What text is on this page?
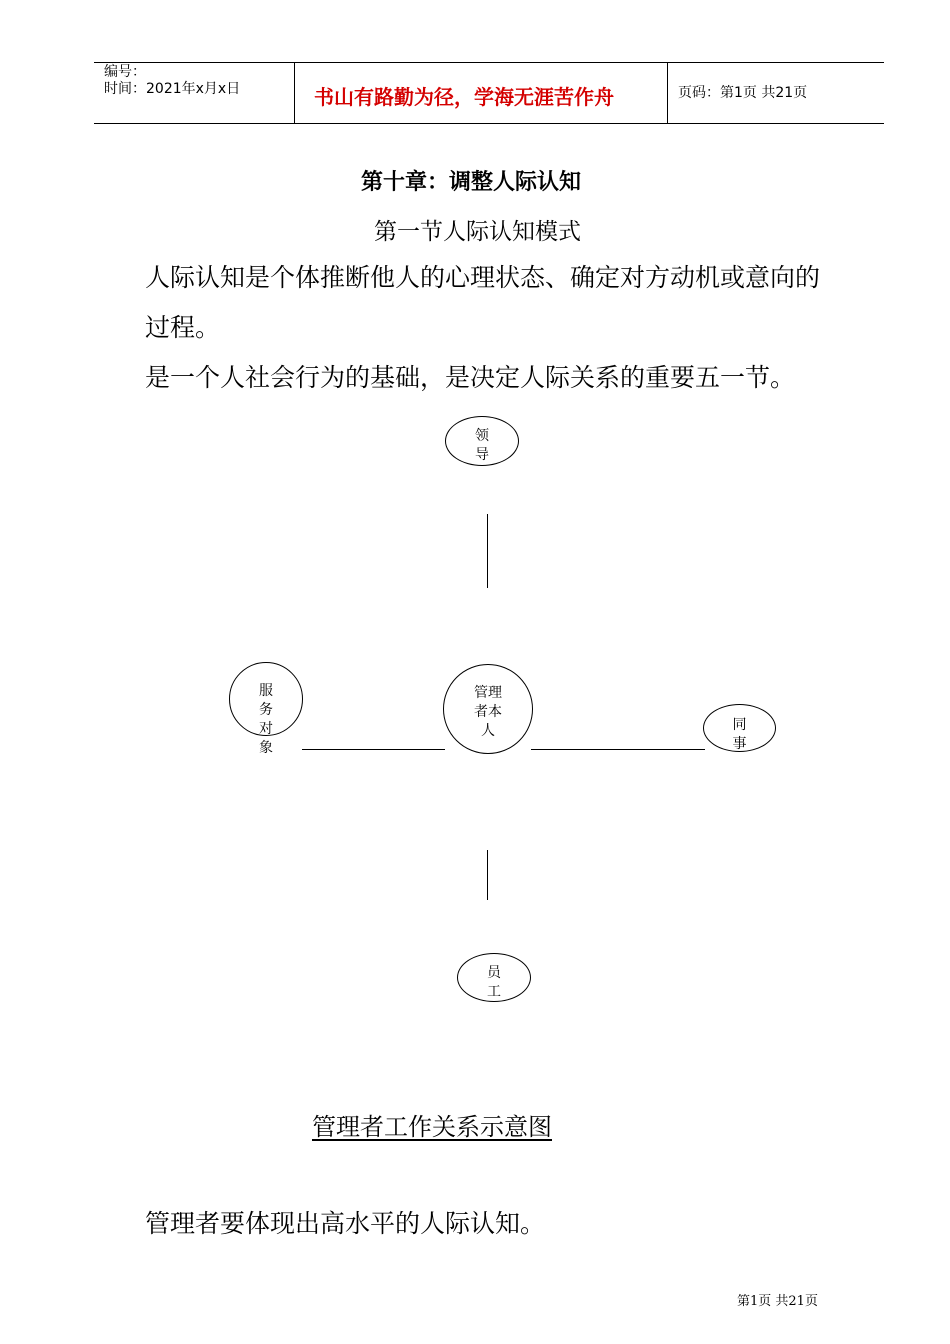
编号：
时间：2021年x月x日	书山有路勤为径，学海无涯苦作舟	页码：第1页 共21页
第十章：调整人际认知
第一节人际认知模式
人际认知是个体推断他人的心理状态、确定对方动机或意向的
过程。
是一个人社会行为的基础，是决定人际关系的重要五一节。
领导
服务对象
管理者本人	同事
员工
管理者工作关系示意图
管理者要体现出高水平的人际认知。
第1页 共21页
